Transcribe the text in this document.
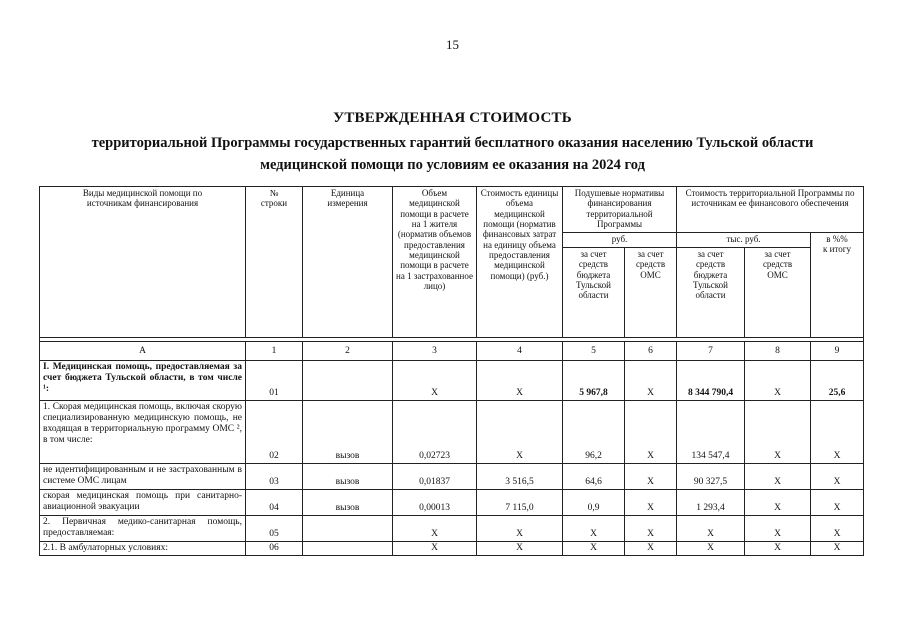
15
УТВЕРЖДЕННАЯ СТОИМОСТЬ
территориальной Программы государственных гарантий бесплатного оказания населению Тульской области
медицинской помощи по условиям ее оказания на 2024 год
Виды медицинской помощи по источникам финансирования	№ строки	Единица измерения	Объем медицинской помощи в расчете на 1 жителя (норматив объемов предоставления медицинской помощи в расчете на 1 застрахованное лицо)	Стоимость единицы объема медицинской помощи (норматив финансовых затрат на единицу объема предоставления медицинской помощи) (руб.)	Подушевые нормативы финансирования территориальной Программы		Стоимость территориальной Программы по источникам ее финансового обеспечения		
					руб.		тыс. руб.		в %% к итогу
					за счет средств бюджета Тульской области	за счет средств ОМС	за счет средств бюджета Тульской области	за счет средств ОМС	

А	1	2	3	4	5	6	7	8	9
I. Медицинская помощь, предоставляемая за счет бюджета Тульской области, в том числе ¹:	01		X	X	5 967,8	X	8 344 790,4	X	25,6
1. Скорая медицинская помощь, включая скорую специализированную медицинскую помощь, не входящая в территориальную программу ОМС ², в том числе:	02	вызов	0,02723	X	96,2	X	134 547,4	X	X
не идентифицированным и не застрахованным в системе ОМС лицам	03	вызов	0,01837	3 516,5	64,6	X	90 327,5	X	X
скорая медицинская помощь при санитарно-авиационной эвакуации	04	вызов	0,00013	7 115,0	0,9	X	1 293,4	X	X
2. Первичная медико-санитарная помощь, предоставляемая:	05		X	X	X	X	X	X	X
2.1. В амбулаторных условиях:	06		X	X	X	X	X	X	X
